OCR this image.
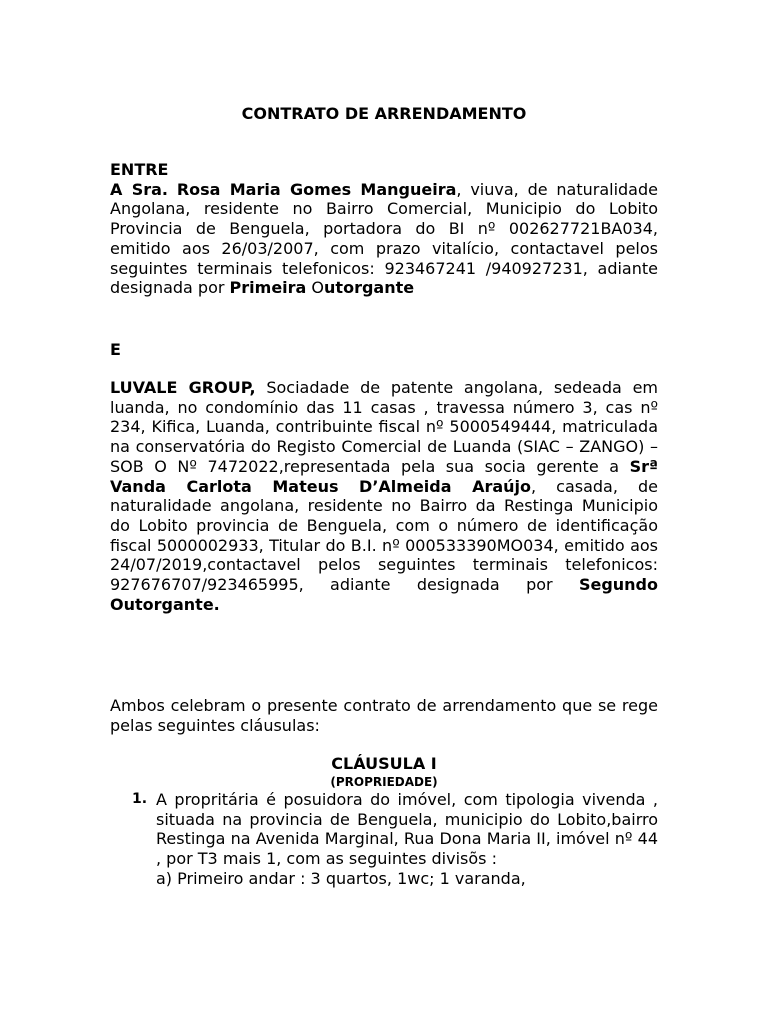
CONTRATO DE ARRENDAMENTO
ENTRE
A Sra. Rosa Maria Gomes Mangueira, viuva, de naturalidade Angolana, residente no Bairro Comercial, Municipio do Lobito Provincia de Benguela, portadora do BI nº 002627721BA034, emitido aos 26/03/2007, com prazo vitalício, contactavel pelos seguintes terminais telefonicos: 923467241 /940927231, adiante designada por Primeira Outorgante
E
LUVALE GROUP, Sociadade de patente angolana, sedeada em luanda, no condomínio das 11 casas , travessa número 3, cas nº 234, Kifica, Luanda, contribuinte fiscal nº 5000549444, matriculada na conservatória do Registo Comercial de Luanda (SIAC – ZANGO) – SOB O Nº 7472022,representada pela sua socia gerente a Srª Vanda Carlota Mateus D’Almeida Araújo, casada, de naturalidade angolana, residente no Bairro da Restinga Municipio do Lobito provincia de Benguela, com o número de identificação fiscal 5000002933, Titular do B.I. nº 000533390MO034, emitido aos 24/07/2019,contactavel pelos seguintes terminais telefonicos: 927676707/923465995, adiante designada por Segundo Outorgante.
Ambos celebram o presente contrato de arrendamento que se rege pelas seguintes cláusulas:
CLÁUSULA I
(PROPRIEDADE)
1. A propritária é posuidora do imóvel, com tipologia vivenda , situada na provincia de Benguela, municipio do Lobito,bairro Restinga na Avenida Marginal, Rua Dona Maria II, imóvel nº 44 , por T3 mais 1, com as seguintes divisõs :
a) Primeiro andar : 3 quartos, 1wc; 1 varanda,
